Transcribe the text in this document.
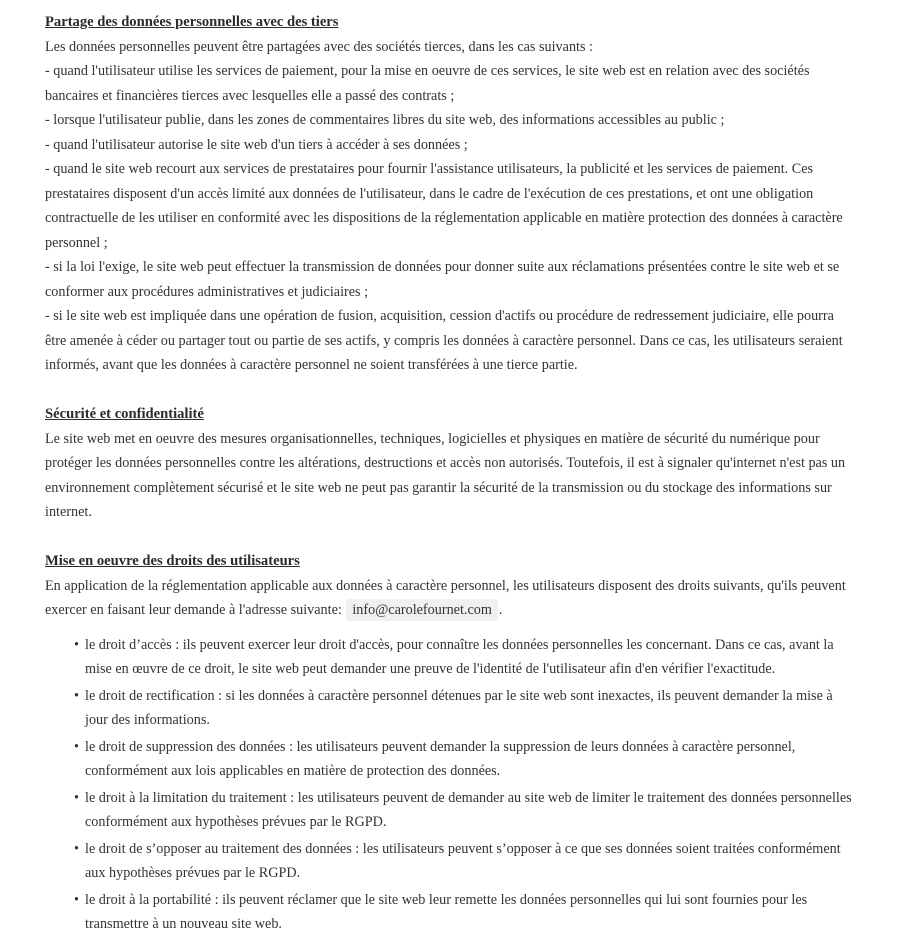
Partage des données personnelles avec des tiers

Les données personnelles peuvent être partagées avec des sociétés tierces, dans les cas suivants :

- quand l'utilisateur utilise les services de paiement, pour la mise en oeuvre de ces services, le site web est en relation avec des sociétés bancaires et financières tierces avec lesquelles elle a passé des contrats ;

- lorsque l'utilisateur publie, dans les zones de commentaires libres du site web, des informations accessibles au public ;

- quand l'utilisateur autorise le site web d'un tiers à accéder à ses données ;

- quand le site web recourt aux services de prestataires pour fournir l'assistance utilisateurs, la publicité et les services de paiement. Ces prestataires disposent d'un accès limité aux données de l'utilisateur, dans le cadre de l'exécution de ces prestations, et ont une obligation contractuelle de les utiliser en conformité avec les dispositions de la réglementation applicable en matière protection des données à caractère personnel ;

- si la loi l'exige, le site web peut effectuer la transmission de données pour donner suite aux réclamations présentées contre le site web et se conformer aux procédures administratives et judiciaires ;

- si le site web est impliquée dans une opération de fusion, acquisition, cession d'actifs ou procédure de redressement judiciaire, elle pourra être amenée à céder ou partager tout ou partie de ses actifs, y compris les données à caractère personnel. Dans ce cas, les utilisateurs seraient informés, avant que les données à caractère personnel ne soient transférées à une tierce partie.

Sécurité et confidentialité

Le site web met en oeuvre des mesures organisationnelles, techniques, logicielles et physiques en matière de sécurité du numérique pour protéger les données personnelles contre les altérations, destructions et accès non autorisés. Toutefois, il est à signaler qu'internet n'est pas un environnement complètement sécurisé et le site web ne peut pas garantir la sécurité de la transmission ou du stockage des informations sur internet.

Mise en oeuvre des droits des utilisateurs

En application de la réglementation applicable aux données à caractère personnel, les utilisateurs disposent des droits suivants, qu'ils peuvent exercer en faisant leur demande à l'adresse suivante: info@carolefournet.com .

• le droit d’accès : ils peuvent exercer leur droit d'accès, pour connaître les données personnelles les concernant. Dans ce cas, avant la mise en œuvre de ce droit, le site web peut demander une preuve de l'identité de l'utilisateur afin d'en vérifier l'exactitude.
• le droit de rectification : si les données à caractère personnel détenues par le site web sont inexactes, ils peuvent demander la mise à jour des informations.
• le droit de suppression des données : les utilisateurs peuvent demander la suppression de leurs données à caractère personnel, conformément aux lois applicables en matière de protection des données.
• le droit à la limitation du traitement : les utilisateurs peuvent de demander au site web de limiter le traitement des données personnelles conformément aux hypothèses prévues par le RGPD.
• le droit de s’opposer au traitement des données : les utilisateurs peuvent s’opposer à ce que ses données soient traitées conformément aux hypothèses prévues par le RGPD.
• le droit à la portabilité : ils peuvent réclamer que le site web leur remette les données personnelles qui lui sont fournies pour les transmettre à un nouveau site web.
